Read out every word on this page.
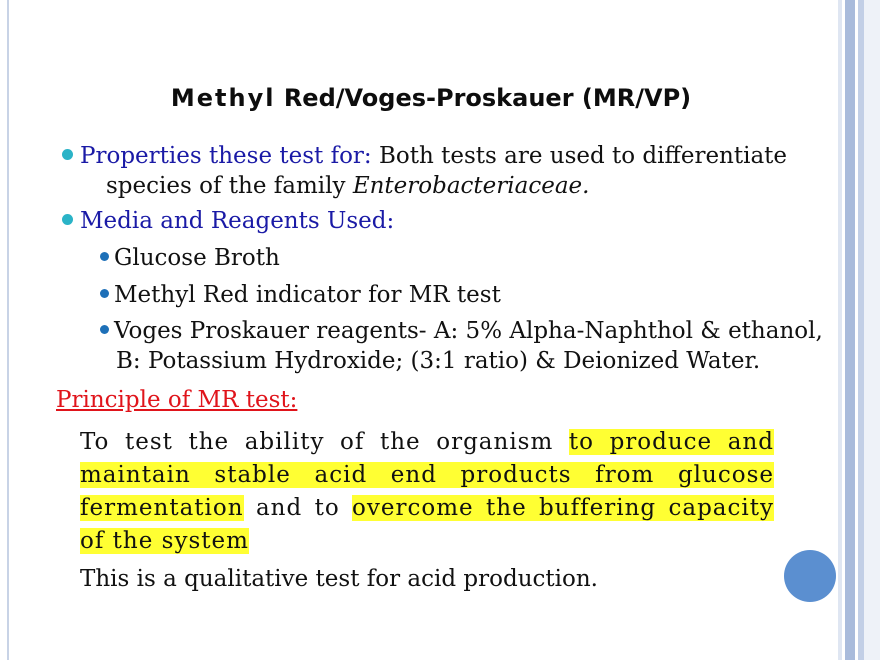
Methyl Red/Voges-Proskauer (MR/VP)
Properties these test for: Both tests are used to differentiate
species of the family Enterobacteriaceae.
Media and Reagents Used:
Glucose Broth
Methyl Red indicator for MR test
Voges Proskauer reagents- A: 5% Alpha-Naphthol & ethanol,
B: Potassium Hydroxide; (3:1 ratio) & Deionized Water.
Principle of MR test:
To test the ability of the organism to produce and maintain stable acid end products from glucose fermentation and to overcome the buffering capacity of the system
This is a qualitative test for acid production.
